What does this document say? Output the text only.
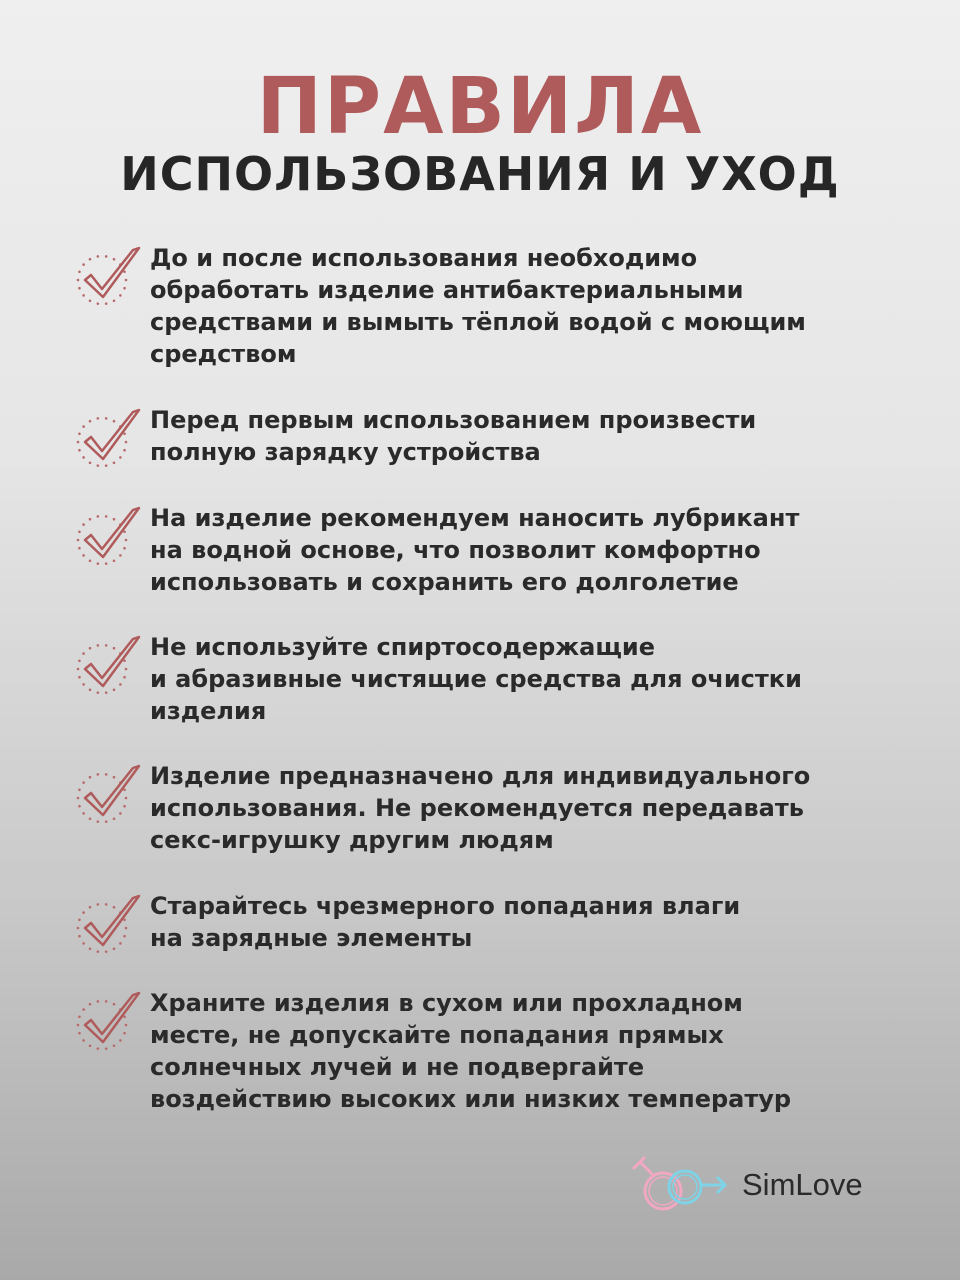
ПРАВИЛА
ИСПОЛЬЗОВАНИЯ И УХОД
До и после использования необходимо
обработать изделие антибактериальными
средствами и вымыть тёплой водой с моющим
средством
Перед первым использованием произвести
полную зарядку устройства
На изделие рекомендуем наносить лубрикант
на водной основе, что позволит комфортно
использовать и сохранить его долголетие
Не используйте спиртосодержащие
и абразивные чистящие средства для очистки
изделия
Изделие предназначено для индивидуального
использования. Не рекомендуется передавать
секс-игрушку другим людям
Старайтесь чрезмерного попадания влаги
на зарядные элементы
Храните изделия в сухом или прохладном
месте, не допускайте попадания прямых
солнечных лучей и не подвергайте
воздействию высоких или низких температур
SimLove
